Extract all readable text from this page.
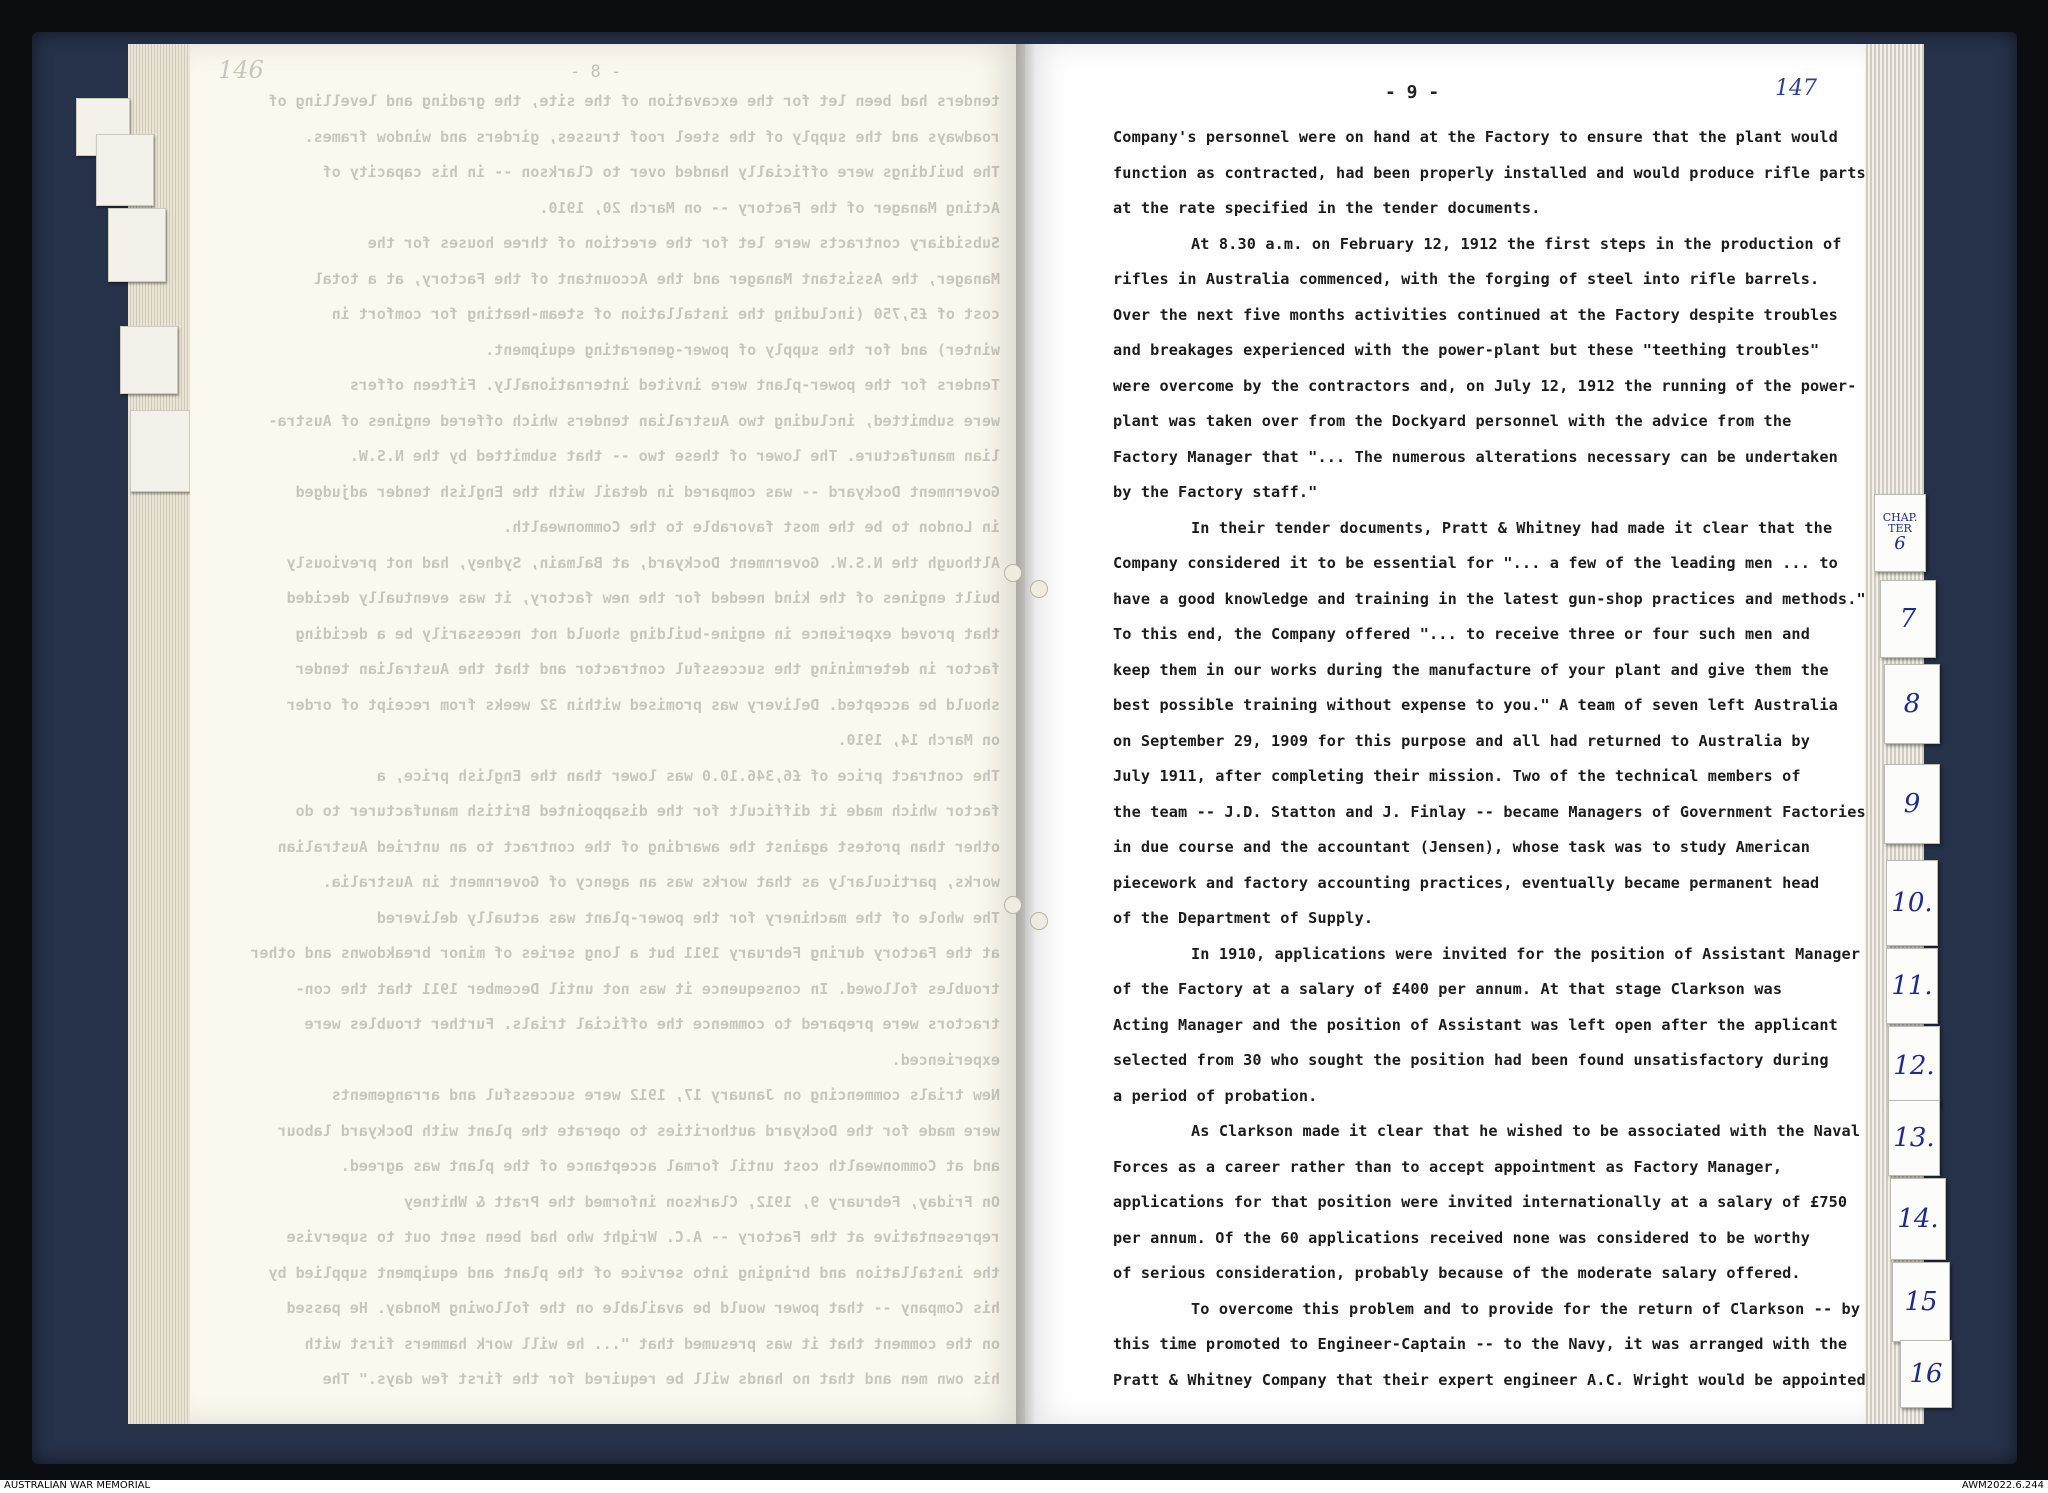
146	- 8 -
tenders had been let for the excavation of the site, the grading and levelling of
roadways and the supply of the steel roof trusses, girders and window frames.
The buildings were officially handed over to Clarkson -- in his capacity of
Acting Manager of the Factory -- on March 20, 1910.
Subsidiary contracts were let for the erection of three houses for the
Manager, the Assistant Manager and the Accountant of the Factory, at a total
cost of £5,750 (including the installation of steam-heating for comfort in
winter) and for the supply of power-generating equipment.
Tenders for the power-plant were invited internationally. Fifteen offers
were submitted, including two Australian tenders which offered engines of Austra-
lian manufacture. The lower of these two -- that submitted by the N.S.W.
Government Dockyard -- was compared in detail with the English tender adjudged
in London to be the most favorable to the Commonwealth.
Although the N.S.W. Government Dockyard, at Balmain, Sydney, had not previously
built engines of the kind needed for the new factory, it was eventually decided
that proved experience in engine-building should not necessarily be a deciding
factor in determining the successful contractor and that the Australian tender
should be accepted. Delivery was promised within 32 weeks from receipt of order
on March 14, 1910.
The contract price of £6,346.10.0 was lower than the English price, a
factor which made it difficult for the disappointed British manufacturer to do
other than protest against the awarding of the contract to an untried Australian
works, particularly as that works was an agency of Government in Australia.
The whole of the machinery for the power-plant was actually delivered
at the Factory during February 1911 but a long series of minor breakdowns and other
troubles followed. In consequence it was not until December 1911 that the con-
tractors were prepared to commence the official trials. Further troubles were
experienced.
New trials commencing on January 17, 1912 were successful and arrangements
were made for the Dockyard authorities to operate the plant with Dockyard labour
and at Commonwealth cost until formal acceptance of the plant was agreed.
On Friday, February 9, 1912, Clarkson informed the Pratt & Whitney
representative at the Factory -- A.C. Wright who had been sent out to supervise
the installation and bringing into service of the plant and equipment supplied by
his Company -- that power would be available on the following Monday. He passed
on the comment that it was presumed that "... he will work hammers first with
his own men and that no hands will be required for the first few days." The
- 9 -	147
Company's personnel were on hand at the Factory to ensure that the plant would
function as contracted, had been properly installed and would produce rifle parts
at the rate specified in the tender documents.
At 8.30 a.m. on February 12, 1912 the first steps in the production of
rifles in Australia commenced, with the forging of steel into rifle barrels.
Over the next five months activities continued at the Factory despite troubles
and breakages experienced with the power-plant but these "teething troubles"
were overcome by the contractors and, on July 12, 1912 the running of the power-
plant was taken over from the Dockyard personnel with the advice from the
Factory Manager that "... The numerous alterations necessary can be undertaken
by the Factory staff."
In their tender documents, Pratt & Whitney had made it clear that the
Company considered it to be essential for "... a few of the leading men ... to
have a good knowledge and training in the latest gun-shop practices and methods."
To this end, the Company offered "... to receive three or four such men and
keep them in our works during the manufacture of your plant and give them the
best possible training without expense to you." A team of seven left Australia
on September 29, 1909 for this purpose and all had returned to Australia by
July 1911, after completing their mission. Two of the technical members of
the team -- J.D. Statton and J. Finlay -- became Managers of Government Factories
in due course and the accountant (Jensen), whose task was to study American
piecework and factory accounting practices, eventually became permanent head
of the Department of Supply.
In 1910, applications were invited for the position of Assistant Manager
of the Factory at a salary of £400 per annum. At that stage Clarkson was
Acting Manager and the position of Assistant was left open after the applicant
selected from 30 who sought the position had been found unsatisfactory during
a period of probation.
As Clarkson made it clear that he wished to be associated with the Naval
Forces as a career rather than to accept appointment as Factory Manager,
applications for that position were invited internationally at a salary of £750
per annum. Of the 60 applications received none was considered to be worthy
of serious consideration, probably because of the moderate salary offered.
To overcome this problem and to provide for the return of Clarkson -- by
this time promoted to Engineer-Captain -- to the Navy, it was arranged with the
Pratt & Whitney Company that their expert engineer A.C. Wright would be appointed
CHAP.
TER
6
7
8
9
10.
11.
12.
13.
14.
15
16
AUSTRALIAN WAR MEMORIAL	AWM2022.6.244
